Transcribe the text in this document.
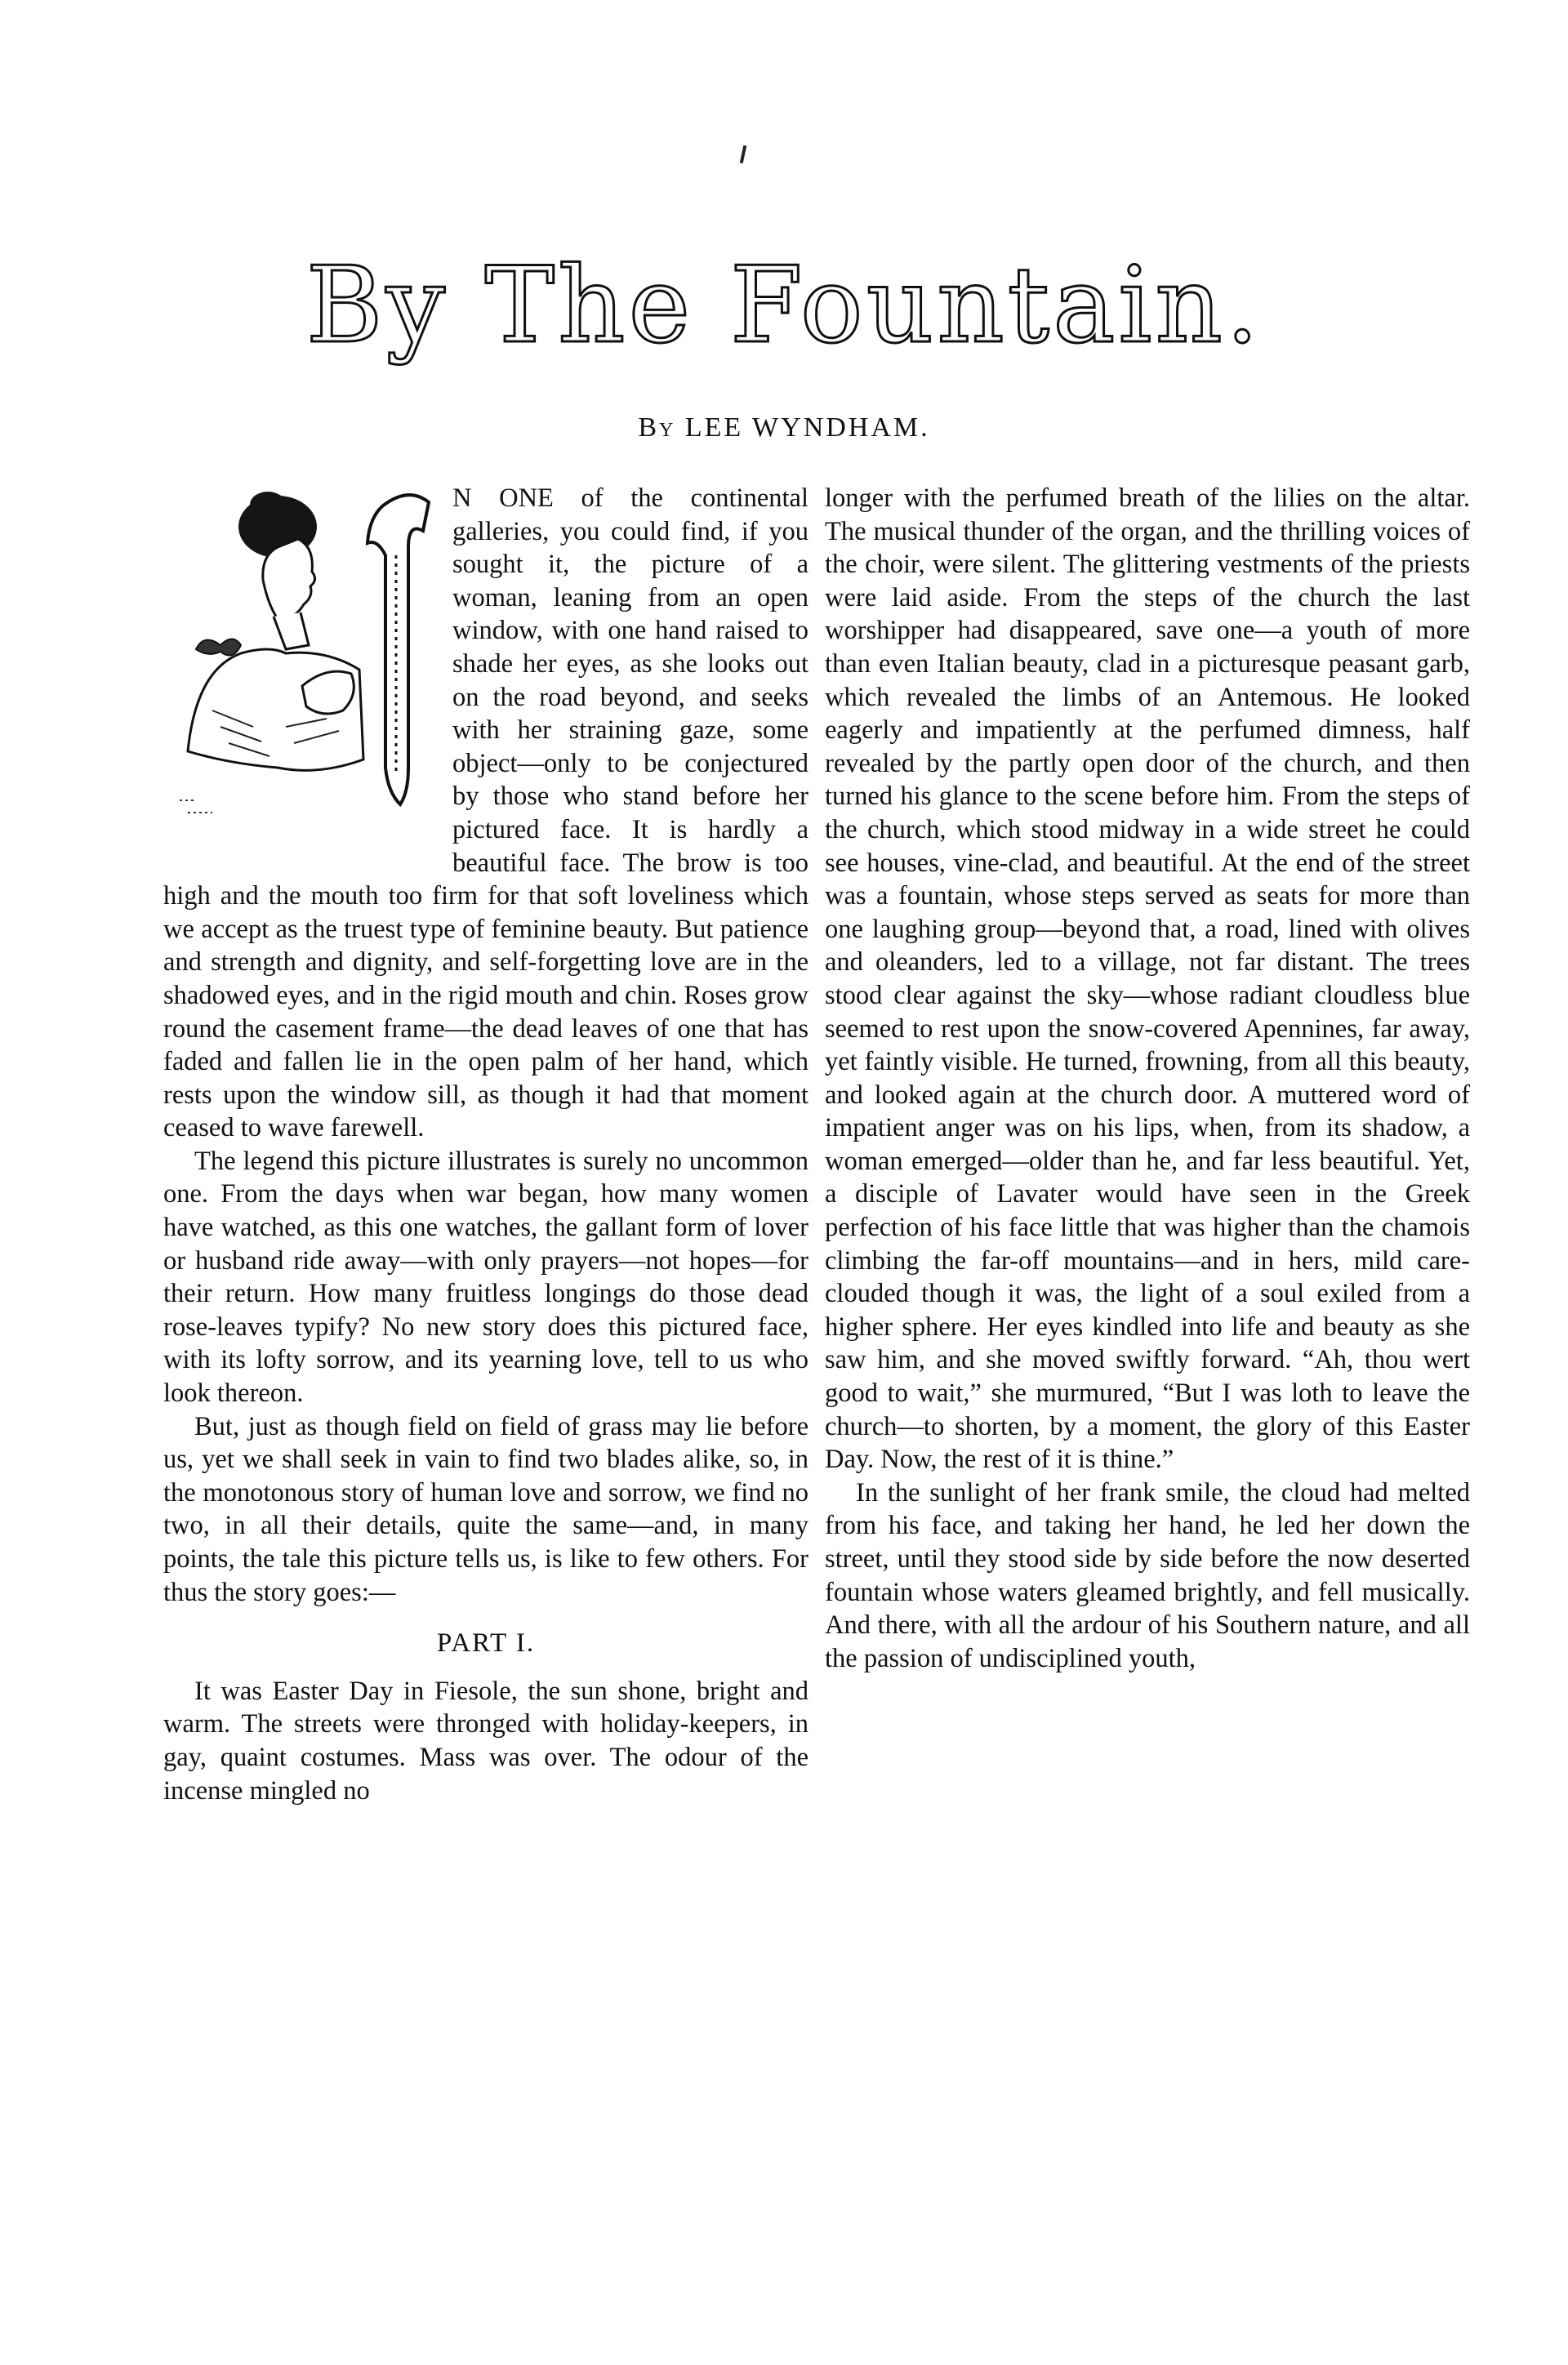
By The Fountain.
By LEE WYNDHAM.
I

N ONE of the continental galleries, you could find, if you sought it, the picture of a woman, leaning from an open window, with one hand raised to shade her eyes, as she looks out on the road beyond, and seeks with her straining gaze, some object—only to be conjectured by those who stand before her pictured face. It is hardly a beautiful face. The brow is too high and the mouth too firm for that soft loveliness which we accept as the truest type of feminine beauty. But patience and strength and dignity, and self-forgetting love are in the shadowed eyes, and in the rigid mouth and chin. Roses grow round the casement frame—the dead leaves of one that has faded and fallen lie in the open palm of her hand, which rests upon the window sill, as though it had that moment ceased to wave farewell.

The legend this picture illustrates is surely no uncommon one. From the days when war began, how many women have watched, as this one watches, the gallant form of lover or husband ride away—with only prayers—not hopes—for their return. How many fruitless longings do those dead rose-leaves typify? No new story does this pictured face, with its lofty sorrow, and its yearning love, tell to us who look thereon.

But, just as though field on field of grass may lie before us, yet we shall seek in vain to find two blades alike, so, in the monotonous story of human love and sorrow, we find no two, in all their details, quite the same—and, in many points, the tale this picture tells us, is like to few others. For thus the story goes:—

PART I.

It was Easter Day in Fiesole, the sun shone, bright and warm. The streets were thronged with holiday-keepers, in gay, quaint costumes. Mass was over. The odour of the incense mingled no

longer with the perfumed breath of the lilies on the altar. The musical thunder of the organ, and the thrilling voices of the choir, were silent. The glittering vestments of the priests were laid aside. From the steps of the church the last worshipper had disappeared, save one—a youth of more than even Italian beauty, clad in a picturesque peasant garb, which revealed the limbs of an Antemous. He looked eagerly and impatiently at the perfumed dimness, half revealed by the partly open door of the church, and then turned his glance to the scene before him. From the steps of the church, which stood midway in a wide street he could see houses, vine-clad, and beautiful. At the end of the street was a fountain, whose steps served as seats for more than one laughing group—beyond that, a road, lined with olives and oleanders, led to a village, not far distant. The trees stood clear against the sky—whose radiant cloudless blue seemed to rest upon the snow-covered Apennines, far away, yet faintly visible. He turned, frowning, from all this beauty, and looked again at the church door. A muttered word of impatient anger was on his lips, when, from its shadow, a woman emerged—older than he, and far less beautiful. Yet, a disciple of Lavater would have seen in the Greek perfection of his face little that was higher than the chamois climbing the far-off mountains—and in hers, mild care-clouded though it was, the light of a soul exiled from a higher sphere. Her eyes kindled into life and beauty as she saw him, and she moved swiftly forward. “Ah, thou wert good to wait,” she murmured, “But I was loth to leave the church—to shorten, by a moment, the glory of this Easter Day. Now, the rest of it is thine.”

In the sunlight of her frank smile, the cloud had melted from his face, and taking her hand, he led her down the street, until they stood side by side before the now deserted fountain whose waters gleamed brightly, and fell musically. And there, with all the ardour of his Southern nature, and all the passion of undisciplined youth,
